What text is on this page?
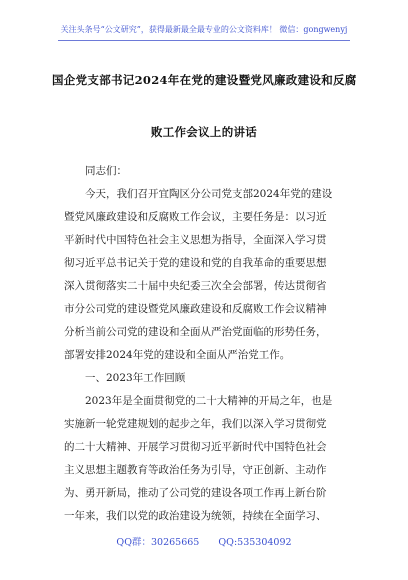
关注头条号“公文研究”，获得最新最全最专业的公文资料库！ 微信：gongwenyj
国企党支部书记2024年在党的建设暨党风廉政建设和反腐
败工作会议上的讲话
同志们：
今天，我们召开宜陶区分公司党支部2024年党的建设
暨党风廉政建设和反腐败工作会议，主要任务是：以习近
平新时代中国特色社会主义思想为指导，全面深入学习贯
彻习近平总书记关于党的建设和党的自我革命的重要思想
深入贯彻落实二十届中央纪委三次全会部署，传达贯彻省
市分公司党的建设暨党风廉政建设和反腐败工作会议精神
分析当前公司党的建设和全面从严治党面临的形势任务，
部署安排2024年党的建设和全面从严治党工作。
一、2023年工作回顾
2023年是全面贯彻党的二十大精神的开局之年，也是
实施新一轮党建规划的起步之年，我们以深入学习贯彻党
的二十大精神、开展学习贯彻习近平新时代中国特色社会
主义思想主题教育等政治任务为引导，守正创新、主动作
为、勇开新局，推动了公司党的建设各项工作再上新台阶
一年来，我们以党的政治建设为统领，持续在全面学习、
QQ群：30265665 QQ:535304092
